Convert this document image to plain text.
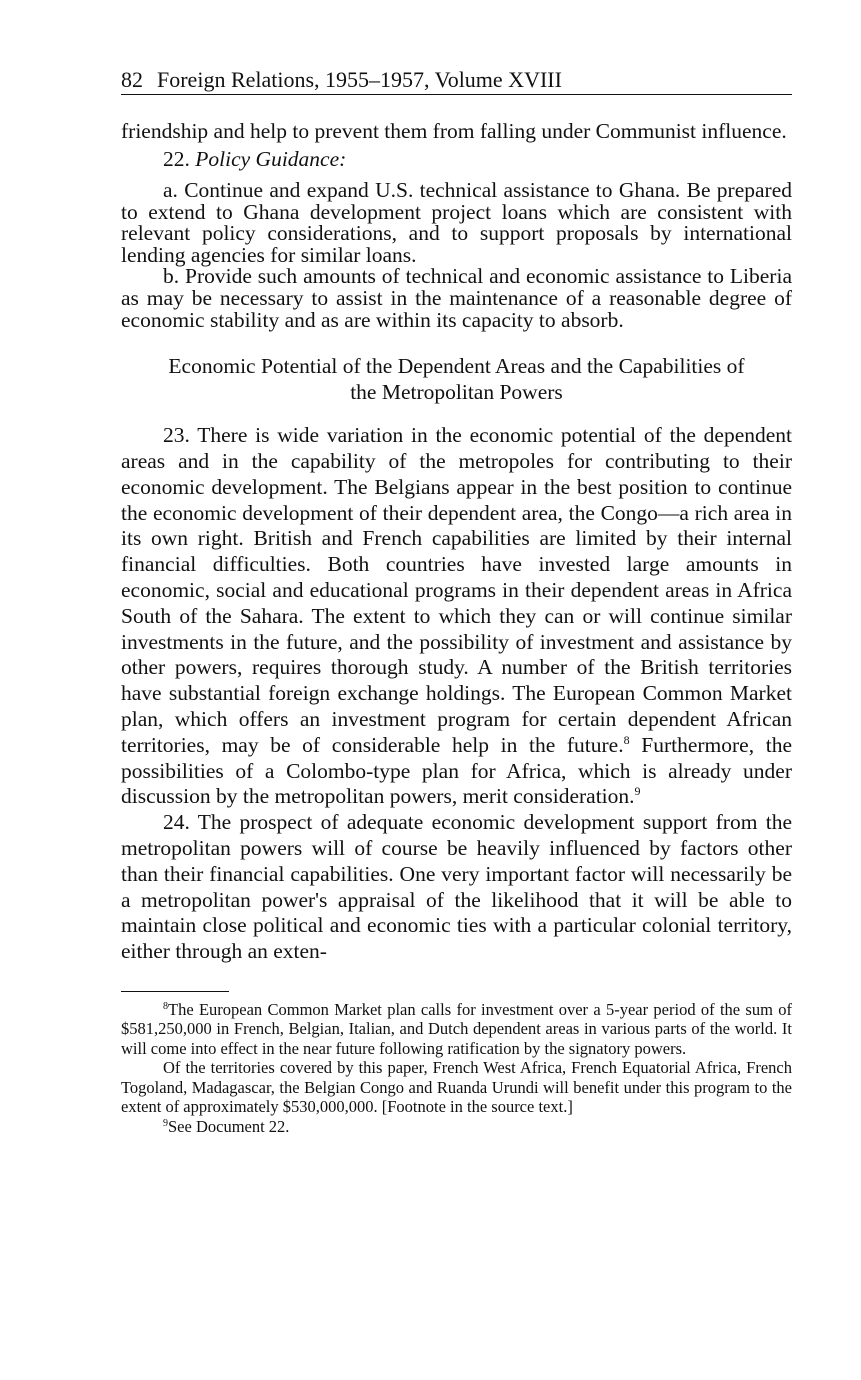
82 Foreign Relations, 1955–1957, Volume XVIII

friendship and help to prevent them from falling under Communist influence.

22. Policy Guidance:

a. Continue and expand U.S. technical assistance to Ghana. Be prepared to extend to Ghana development project loans which are consistent with relevant policy considerations, and to support proposals by international lending agencies for similar loans.

b. Provide such amounts of technical and economic assistance to Liberia as may be necessary to assist in the maintenance of a reasonable degree of economic stability and as are within its capacity to absorb.

Economic Potential of the Dependent Areas and the Capabilities of

the Metropolitan Powers

23. There is wide variation in the economic potential of the dependent areas and in the capability of the metropoles for contributing to their economic development. The Belgians appear in the best position to continue the economic development of their dependent area, the Congo—a rich area in its own right. British and French capabilities are limited by their internal financial difficulties. Both countries have invested large amounts in economic, social and educational programs in their dependent areas in Africa South of the Sahara. The extent to which they can or will continue similar investments in the future, and the possibility of investment and assistance by other powers, requires thorough study. A number of the British territories have substantial foreign exchange holdings. The European Common Market plan, which offers an investment program for certain dependent African territories, may be of considerable help in the future.$^8$ Furthermore, the possibilities of a Colombo-type plan for Africa, which is already under discussion by the metropolitan powers, merit consideration.$^9$

24. The prospect of adequate economic development support from the metropolitan powers will of course be heavily influenced by factors other than their financial capabilities. One very important factor will necessarily be a metropolitan power's appraisal of the likelihood that it will be able to maintain close political and economic ties with a particular colonial territory, either through an exten-

$^8$The European Common Market plan calls for investment over a 5-year period of the sum of $581,250,000 in French, Belgian, Italian, and Dutch dependent areas in various parts of the world. It will come into effect in the near future following ratification by the signatory powers.

Of the territories covered by this paper, French West Africa, French Equatorial Africa, French Togoland, Madagascar, the Belgian Congo and Ruanda Urundi will benefit under this program to the extent of approximately $530,000,000. [Footnote in the source text.]

$^9$See Document 22.
